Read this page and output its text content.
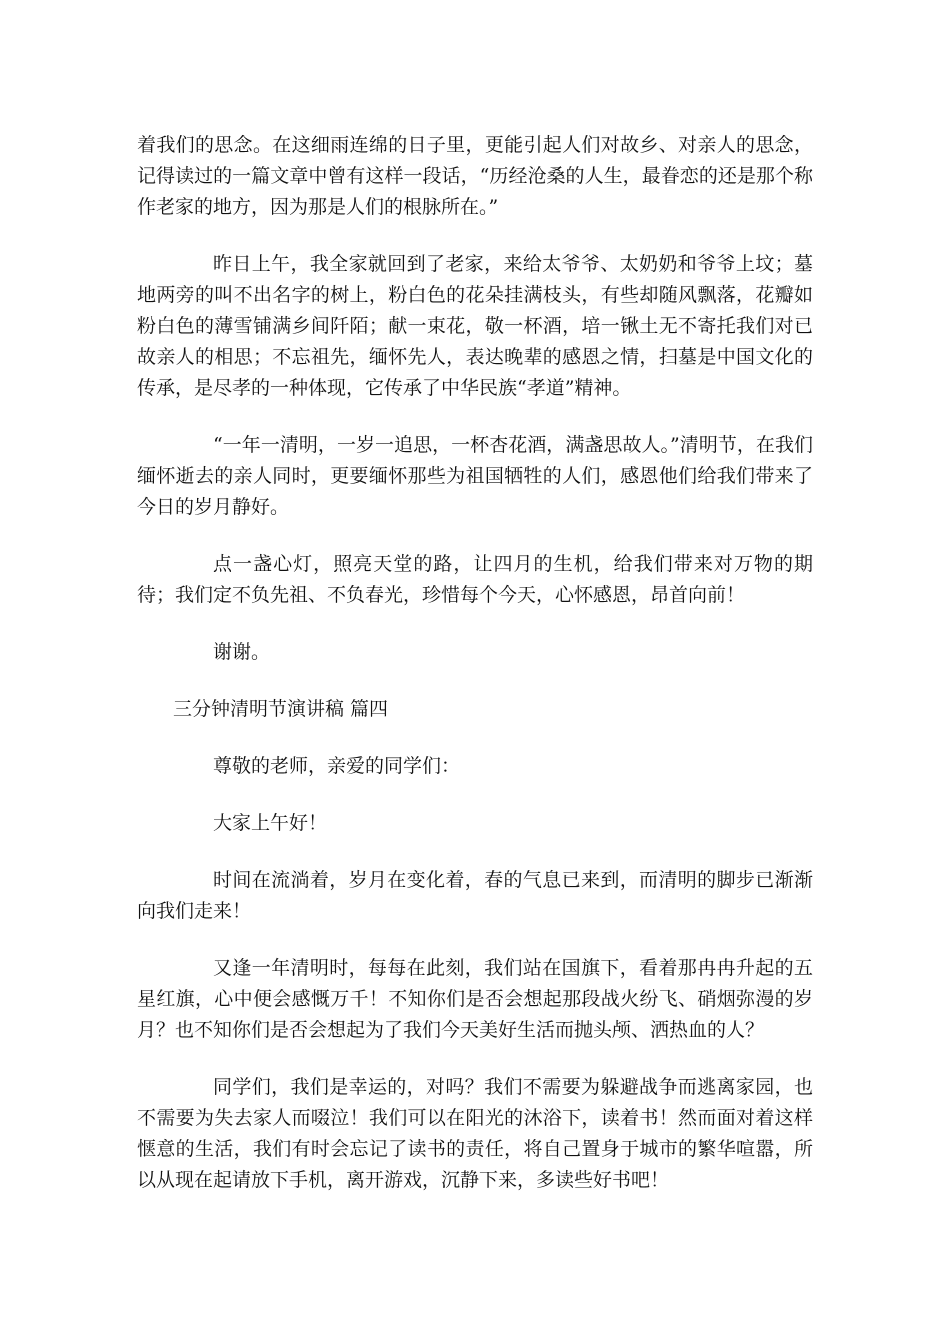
着我们的思念。在这细雨连绵的日子里，更能引起人们对故乡、对亲人的思念，记得读过的一篇文章中曾有这样一段话，“历经沧桑的人生，最眷恋的还是那个称作老家的地方，因为那是人们的根脉所在。”

昨日上午，我全家就回到了老家，来给太爷爷、太奶奶和爷爷上坟；墓地两旁的叫不出名字的树上，粉白色的花朵挂满枝头，有些却随风飘落，花瓣如粉白色的薄雪铺满乡间阡陌；献一束花，敬一杯酒，培一锹土无不寄托我们对已故亲人的相思；不忘祖先，缅怀先人，表达晚辈的感恩之情，扫墓是中国文化的传承，是尽孝的一种体现，它传承了中华民族“孝道”精神。

“一年一清明，一岁一追思，一杯杏花酒，满盏思故人。”清明节，在我们缅怀逝去的亲人同时，更要缅怀那些为祖国牺牲的人们，感恩他们给我们带来了今日的岁月静好。

点一盏心灯，照亮天堂的路，让四月的生机，给我们带来对万物的期待；我们定不负先祖、不负春光，珍惜每个今天，心怀感恩，昂首向前！

谢谢。

三分钟清明节演讲稿 篇四

尊敬的老师，亲爱的同学们：

大家上午好！

时间在流淌着，岁月在变化着，春的气息已来到，而清明的脚步已渐渐向我们走来！

又逢一年清明时，每每在此刻，我们站在国旗下，看着那冉冉升起的五星红旗，心中便会感慨万千！不知你们是否会想起那段战火纷飞、硝烟弥漫的岁月？也不知你们是否会想起为了我们今天美好生活而抛头颅、洒热血的人？

同学们，我们是幸运的，对吗？我们不需要为躲避战争而逃离家园，也不需要为失去家人而啜泣！我们可以在阳光的沐浴下，读着书！然而面对着这样惬意的生活，我们有时会忘记了读书的责任，将自己置身于城市的繁华喧嚣，所以从现在起请放下手机，离开游戏，沉静下来，多读些好书吧！
